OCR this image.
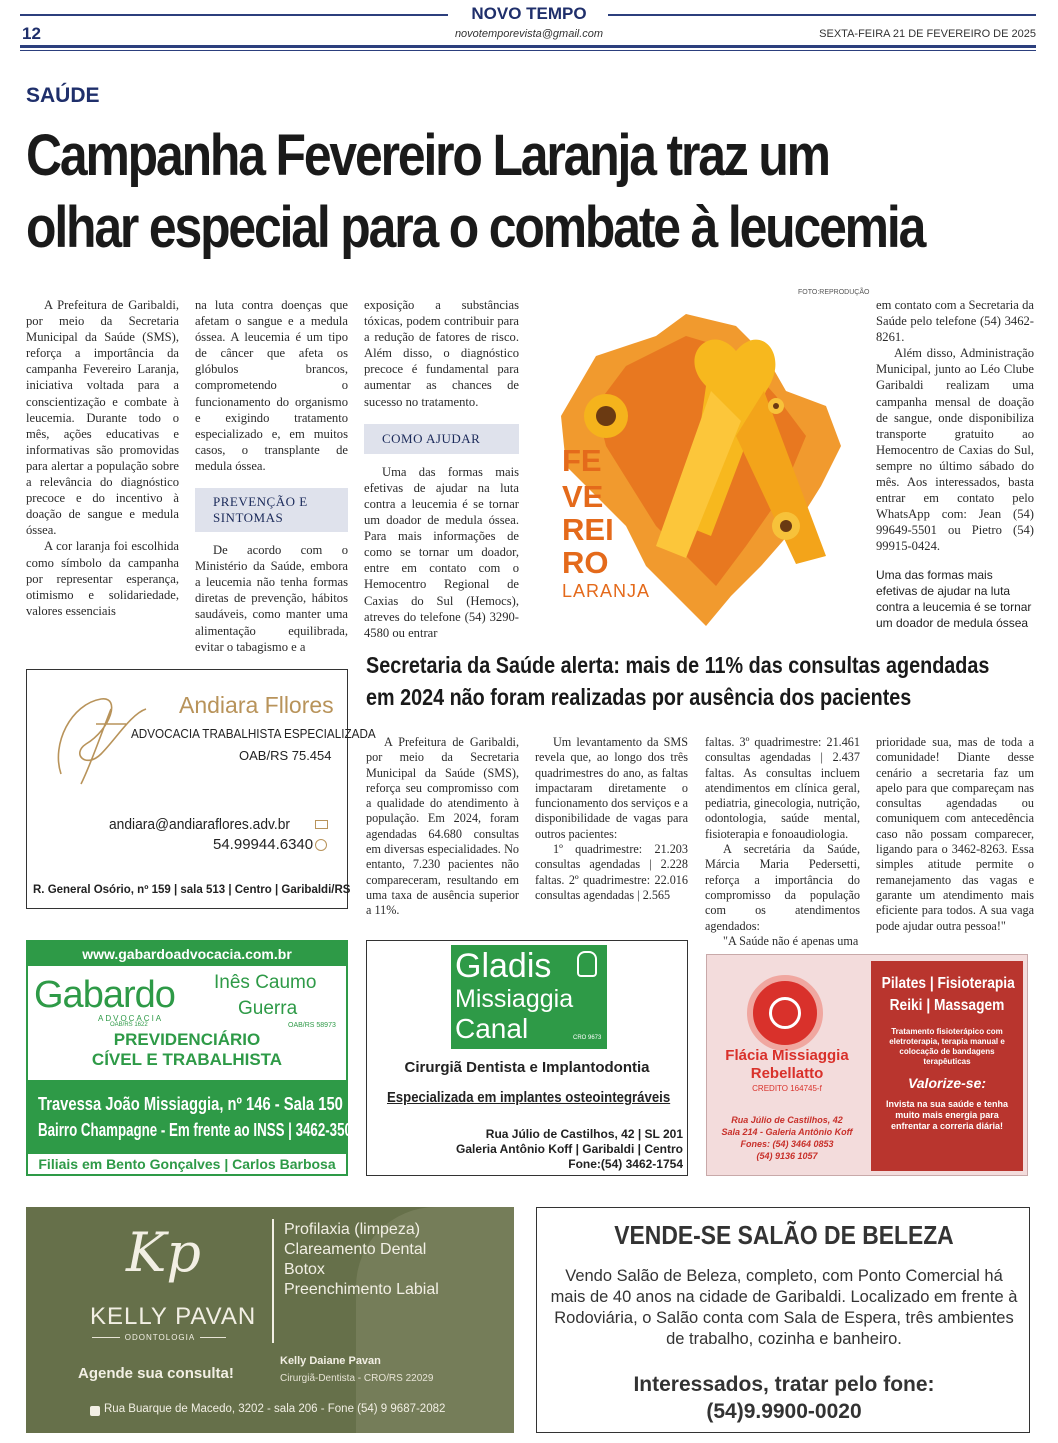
NOVO TEMPO
12	novotemporevista@gmail.com	SEXTA-FEIRA 21 DE FEVEREIRO DE 2025
SAÚDE
Campanha Fevereiro Laranja traz um
olhar especial para o combate à leucemia

A Prefeitura de Garibaldi, por meio da Secretaria Municipal da Saúde (SMS), reforça a importância da campanha Fevereiro Laranja, iniciativa voltada para a conscientização e combate à leucemia. Durante todo o mês, ações educativas e informativas são promovidas para alertar a população sobre a relevância do diagnóstico precoce e do incentivo à doação de sangue e medula óssea.

A cor laranja foi escolhida como símbolo da campanha por representar esperança, otimismo e solidariedade, valores essenciais

na luta contra doenças que afetam o sangue e a medula óssea. A leucemia é um tipo de câncer que afeta os glóbulos brancos, comprometendo o funcionamento do organismo e exigindo tratamento especializado e, em muitos casos, o transplante de medula óssea.

PREVENÇÃO E SINTOMAS

De acordo com o Ministério da Saúde, embora a leucemia não tenha formas diretas de prevenção, hábitos saudáveis, como manter uma alimentação equilibrada, evitar o tabagismo e a

exposição a substâncias tóxicas, podem contribuir para a redução de fatores de risco. Além disso, o diagnóstico precoce é fundamental para aumentar as chances de sucesso no tratamento.

COMO AJUDAR

Uma das formas mais efetivas de ajudar na luta contra a leucemia é se tornar um doador de medula óssea. Para mais informações de como se tornar um doador, entre em contato com o Hemocentro Regional de Caxias do Sul (Hemocs), atreves do telefone (54) 3290-4580 ou entrar

FOTO:REPRODUÇÃO
FE
VE
REI
RO
LARANJA

em contato com a Secretaria da Saúde pelo telefone (54) 3462-8261.

Além disso, Administração Municipal, junto ao Léo Clube Garibaldi realizam uma campanha mensal de doação de sangue, onde disponibiliza transporte gratuito ao Hemocentro de Caxias do Sul, sempre no último sábado do mês. Aos interessados, basta entrar em contato pelo WhatsApp com: Jean (54) 99649-5501 ou Pietro (54) 99915-0424.

Uma das formas mais efetivas de ajudar na luta contra a leucemia é se tornar um doador de medula óssea
Secretaria da Saúde alerta: mais de 11% das consultas agendadas
em 2024 não foram realizadas por ausência dos pacientes

A Prefeitura de Garibaldi, por meio da Secretaria Municipal da Saúde (SMS), reforça seu compromisso com a qualidade do atendimento à população. Em 2024, foram agendadas 64.680 consultas em diversas especialidades. No entanto, 7.230 pacientes não compareceram, resultando em uma taxa de ausência superior a 11%.

Um levantamento da SMS revela que, ao longo dos três quadrimestres do ano, as faltas impactaram diretamente o funcionamento dos serviços e a disponibilidade de vagas para outros pacientes:

1º quadrimestre: 21.203 consultas agendadas | 2.228 faltas. 2º quadrimestre: 22.016 consultas agendadas | 2.565

faltas. 3º quadrimestre: 21.461 consultas agendadas | 2.437 faltas. As consultas incluem atendimentos em clínica geral, pediatria, ginecologia, nutrição, odontologia, saúde mental, fisioterapia e fonoaudiologia.

A secretária da Saúde, Márcia Maria Pedersetti, reforça a importância do compromisso da população com os atendimentos agendados:

"A Saúde não é apenas uma

prioridade sua, mas de toda a comunidade! Diante desse cenário a secretaria faz um apelo para que compareçam nas consultas agendadas ou comuniquem com antecedência caso não possam comparecer, ligando para o 3462-8263. Essa simples atitude permite o remanejamento das vagas e garante um atendimento mais eficiente para todos. A sua vaga pode ajudar outra pessoa!"

Andiara Fllores
ADVOCACIA TRABALHISTA ESPECIALIZADA
OAB/RS 75.454
andiara@andiaraflores.adv.br
54.99944.6340
R. General Osório, nº 159 | sala 513 | Centro | Garibaldi/RS
www.gabardoadvocacia.com.br
Gabardo
ADVOCACIA
OAB/RS 1622
Inês Caumo
Guerra
OAB/RS 58973
PREVIDENCIÁRIO
CÍVEL E TRABALHISTA
Travessa João Missiaggia, nº 146 - Sala 150
Bairro Champagne - Em frente ao INSS | 3462-3508
Filiais em Bento Gonçalves | Carlos Barbosa
Gladis
Missiaggia
Canal	CRO 9673
Cirurgiã Dentista e Implantodontia
Especializada em implantes osteointegráveis
Rua Júlio de Castilhos, 42 | SL 201
Galeria Antônio Koff | Garibaldi | Centro
Fone:(54) 3462-1754
Flácia Missiaggia
Rebellatto
CREDITO 164745-f
Rua Júlio de Castilhos, 42
Sala 214 - Galeria Antônio Koff
Fones: (54) 3464 0853
(54) 9136 1057
Pilates | Fisioterapia
Reiki | Massagem
Tratamento fisioterápico com eletroterapia, terapia manual e colocação de bandagens terapêuticas
Valorize-se:
Invista na sua saúde e tenha muito mais energia para enfrentar a correria diária!
Kp
KELLY PAVAN
ODONTOLOGIA
Profilaxia (limpeza)
Clareamento Dental
Botox
Preenchimento Labial
Agende sua consulta!
Kelly Daiane Pavan
Cirurgiã-Dentista - CRO/RS 22029
Rua Buarque de Macedo, 3202 - sala 206 - Fone (54) 9 9687-2082
VENDE-SE SALÃO DE BELEZA
Vendo Salão de Beleza, completo, com Ponto Comercial há mais de 40 anos na cidade de Garibaldi. Localizado em frente à Rodoviária, o Salão conta com Sala de Espera, três ambientes de trabalho, cozinha e banheiro.
Interessados, tratar pelo fone:
(54)9.9900-0020
